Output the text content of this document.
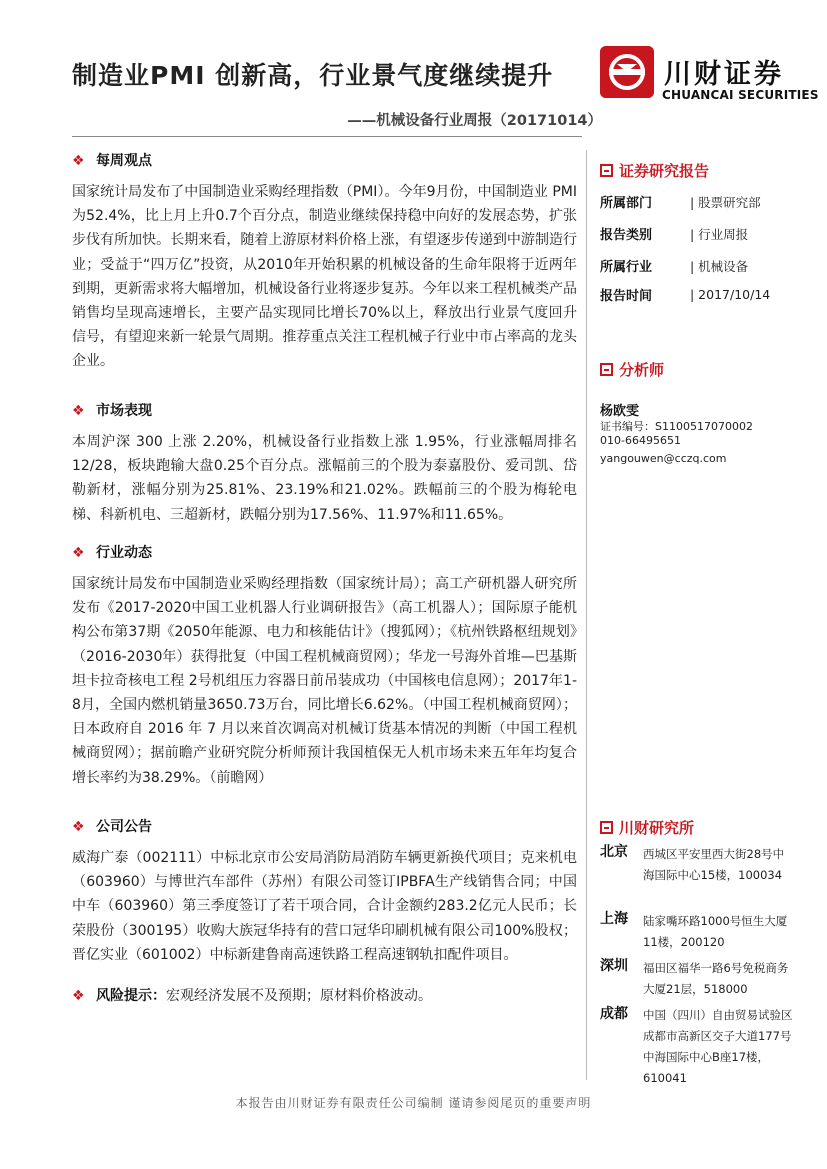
制造业PMI 创新高，行业景气度继续提升
——机械设备行业周报（20171014）
川财证券
CHUANCAI SECURITIES
❖ 每周观点
国家统计局发布了中国制造业采购经理指数（PMI）。今年9月份，中国制造业 PMI为52.4%，比上月上升0.7个百分点，制造业继续保持稳中向好的发展态势，扩张步伐有所加快。长期来看，随着上游原材料价格上涨，有望逐步传递到中游制造行业；受益于“四万亿”投资，从2010年开始积累的机械设备的生命年限将于近两年到期，更新需求将大幅增加，机械设备行业将逐步复苏。今年以来工程机械类产品销售均呈现高速增长，主要产品实现同比增长70%以上，释放出行业景气度回升信号，有望迎来新一轮景气周期。推荐重点关注工程机械子行业中市占率高的龙头企业。
❖ 市场表现
本周沪深 300 上涨 2.20%，机械设备行业指数上涨 1.95%，行业涨幅周排名 12/28，板块跑输大盘0.25个百分点。涨幅前三的个股为泰嘉股份、爱司凯、岱勒新材，涨幅分别为25.81%、23.19%和21.02%。跌幅前三的个股为梅轮电梯、科新机电、三超新材，跌幅分别为17.56%、11.97%和11.65%。
❖ 行业动态
国家统计局发布中国制造业采购经理指数（国家统计局）；高工产研机器人研究所发布《2017-2020中国工业机器人行业调研报告》（高工机器人）；国际原子能机构公布第37期《2050年能源、电力和核能估计》（搜狐网）；《杭州铁路枢纽规划》（2016-2030年）获得批复（中国工程机械商贸网）；华龙一号海外首堆—巴基斯坦卡拉奇核电工程 2号机组压力容器日前吊装成功（中国核电信息网）；2017年1-8月，全国内燃机销量3650.73万台，同比增长6.62%。（中国工程机械商贸网）；日本政府自 2016 年 7 月以来首次调高对机械订货基本情况的判断（中国工程机械商贸网）；据前瞻产业研究院分析师预计我国植保无人机市场未来五年年均复合增长率约为38.29%。（前瞻网）
❖ 公司公告
威海广泰（002111）中标北京市公安局消防局消防车辆更新换代项目；克来机电（603960）与博世汽车部件（苏州）有限公司签订IPBFA生产线销售合同；中国中车（603960）第三季度签订了若干项合同，合计金额约283.2亿元人民币；长荣股份（300195）收购大族冠华持有的营口冠华印刷机械有限公司100%股权；晋亿实业（601002）中标新建鲁南高速铁路工程高速钢轨扣配件项目。
❖ 风险提示：宏观经济发展不及预期；原材料价格波动。
证券研究报告
所属部门	| 股票研究部
报告类别	| 行业周报
所属行业	| 机械设备
报告时间	| 2017/10/14
分析师
杨欧雯
证书编号：S1100517070002
010-66495651
yangouwen@cczq.com
川财研究所
北京 西城区平安里西大街28号中海国际中心15楼，100034
上海 陆家嘴环路1000号恒生大厦11楼，200120
深圳 福田区福华一路6号免税商务大厦21层，518000
成都 中国（四川）自由贸易试验区成都市高新区交子大道177号中海国际中心B座17楼，610041
本报告由川财证券有限责任公司编制 谨请参阅尾页的重要声明
